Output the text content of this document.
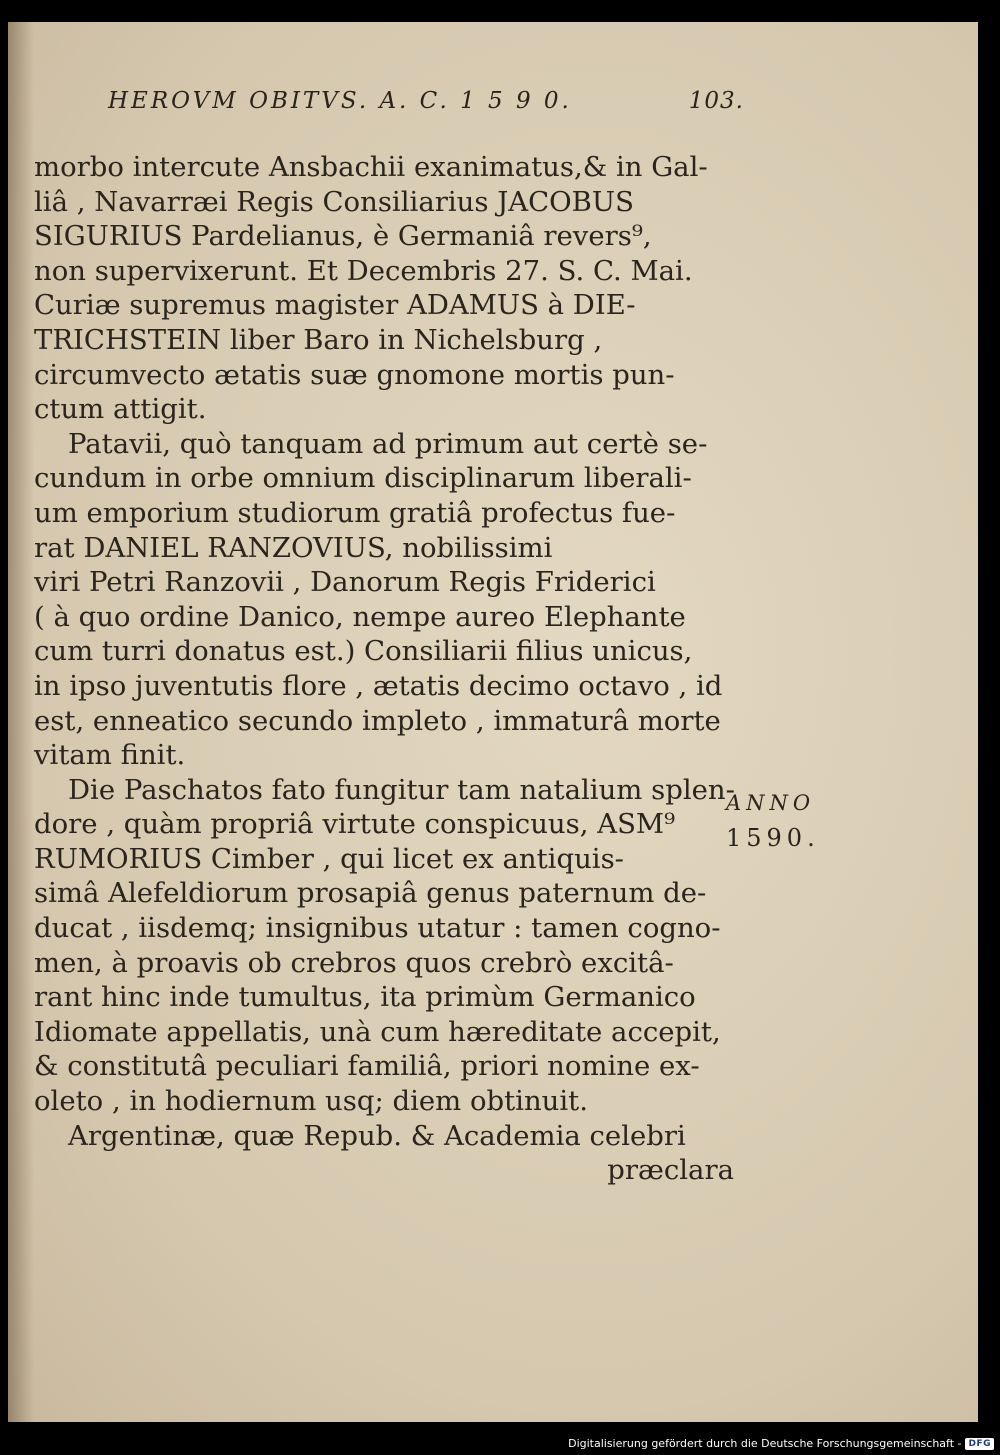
HEROVM OBITVS. A. C. 1 5 9 0.	103.
morbo intercute Ansbachii exanimatus,& in Gal-
liâ , Navarræi Regis Consiliarius JACOBUS
SIGURIUS Pardelianus, è Germaniâ revers⁹,
non supervixerunt. Et Decembris 27. S. C. Mai.
Curiæ supremus magister ADAMUS à DIE-
TRICHSTEIN liber Baro in Nichelsburg ,
circumvecto ætatis suæ gnomone mortis pun-
ctum attigit.
Patavii, quò tanquam ad primum aut certè se-
cundum in orbe omnium disciplinarum liberali-
um emporium studiorum gratiâ profectus fue-
rat DANIEL RANZOVIUS, nobilissimi
viri Petri Ranzovii , Danorum Regis Friderici
( à quo ordine Danico, nempe aureo Elephante
cum turri donatus est.) Consiliarii filius unicus,
in ipso juventutis flore , ætatis decimo octavo , id
est, enneatico secundo impleto , immaturâ morte
vitam finit.
Die Paschatos fato fungitur tam natalium splen-
dore , quàm propriâ virtute conspicuus, ASM⁹
RUMORIUS Cimber , qui licet ex antiquis-
simâ Alefeldiorum prosapiâ genus paternum de-
ducat , iisdemq; insignibus utatur : tamen cogno-
men, à proavis ob crebros quos crebrò excitâ-
rant hinc inde tumultus, ita primùm Germanico
Idiomate appellatis, unà cum hæreditate accepit,
& constitutâ peculiari familiâ, priori nomine ex-
oleto , in hodiernum usq; diem obtinuit.
Argentinæ, quæ Repub. & Academia celebri
præclara
ANNO
1590.
Digitalisierung gefördert durch die Deutsche Forschungsgemeinschaft - DFG
